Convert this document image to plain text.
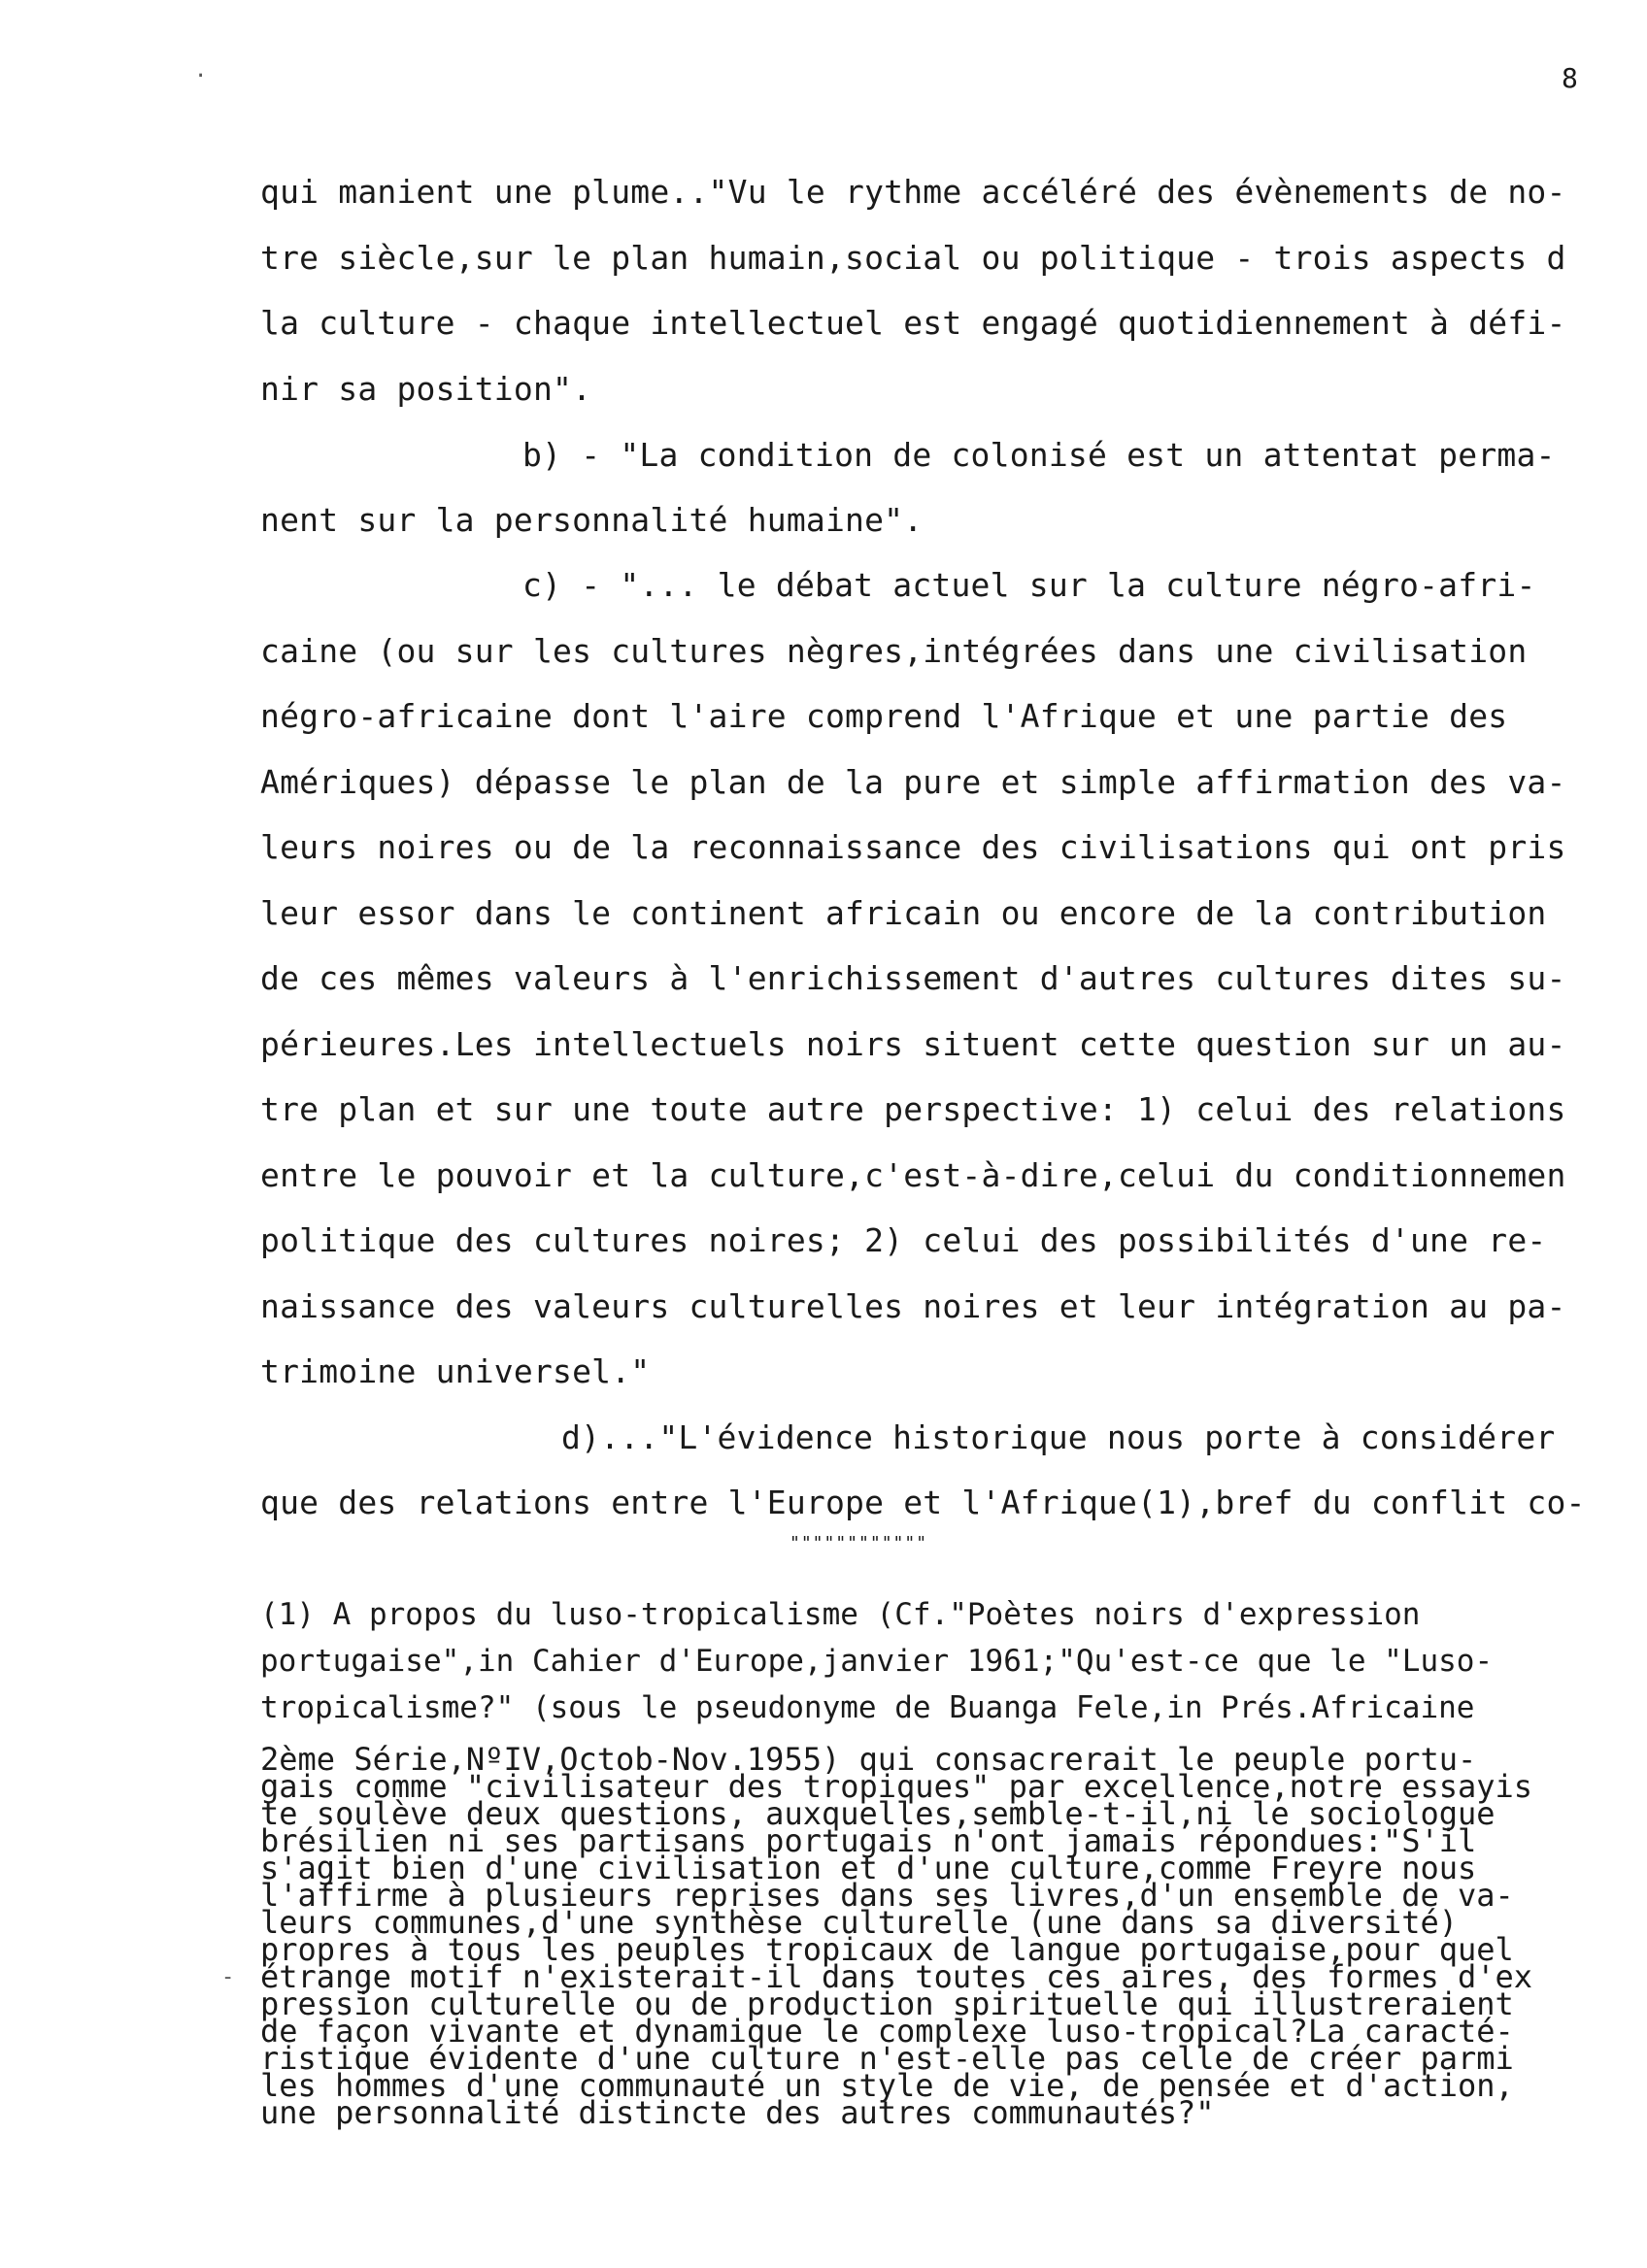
8
qui manient une plume.."Vu le rythme accéléré des évènements de no-
tre siècle,sur le plan humain,social ou politique - trois aspects d
la culture - chaque intellectuel est engagé quotidiennement à défi-
nir sa position".
b) - "La condition de colonisé est un attentat perma-
nent sur la personnalité humaine".
c) - "... le débat actuel sur la culture négro-afri-
caine (ou sur les cultures nègres,intégrées dans une civilisation
négro-africaine dont l'aire comprend l'Afrique et une partie des
Amériques) dépasse le plan de la pure et simple affirmation des va-
leurs noires ou de la reconnaissance des civilisations qui ont pris
leur essor dans le continent africain ou encore de la contribution
de ces mêmes valeurs à l'enrichissement d'autres cultures dites su-
périeures.Les intellectuels noirs situent cette question sur un au-
tre plan et sur une toute autre perspective: 1) celui des relations
entre le pouvoir et la culture,c'est-à-dire,celui du conditionnemen
politique des cultures noires; 2) celui des possibilités d'une re-
naissance des valeurs culturelles noires et leur intégration au pa-
trimoine universel."
d)..."L'évidence historique nous porte à considérer
que des relations entre l'Europe et l'Afrique(1),bref du conflit co-
""""""""""""
(1) A propos du luso-tropicalisme (Cf."Poètes noirs d'expression
portugaise",in Cahier d'Europe,janvier 1961;"Qu'est-ce que le "Luso-
tropicalisme?" (sous le pseudonyme de Buanga Fele,in Prés.Africaine
2ème Série,NºIV,Octob-Nov.1955) qui consacrerait le peuple portu-
gais comme "civilisateur des tropiques" par excellence,notre essayis
te soulève deux questions, auxquelles,semble-t-il,ni le sociologue
brésilien ni ses partisans portugais n'ont jamais répondues:"S'il
s'agit bien d'une civilisation et d'une culture,comme Freyre nous
l'affirme à plusieurs reprises dans ses livres,d'un ensemble de va-
leurs communes,d'une synthèse culturelle (une dans sa diversité)
propres à tous les peuples tropicaux de langue portugaise,pour quel
étrange motif n'existerait-il dans toutes ces aires, des formes d'ex
pression culturelle ou de production spirituelle qui illustreraient
de façon vivante et dynamique le complexe luso-tropical?La caracté-
ristique évidente d'une culture n'est-elle pas celle de créer parmi
les hommes d'une communauté un style de vie, de pensée et d'action,
une personnalité distincte des autres communautés?"
·
-
